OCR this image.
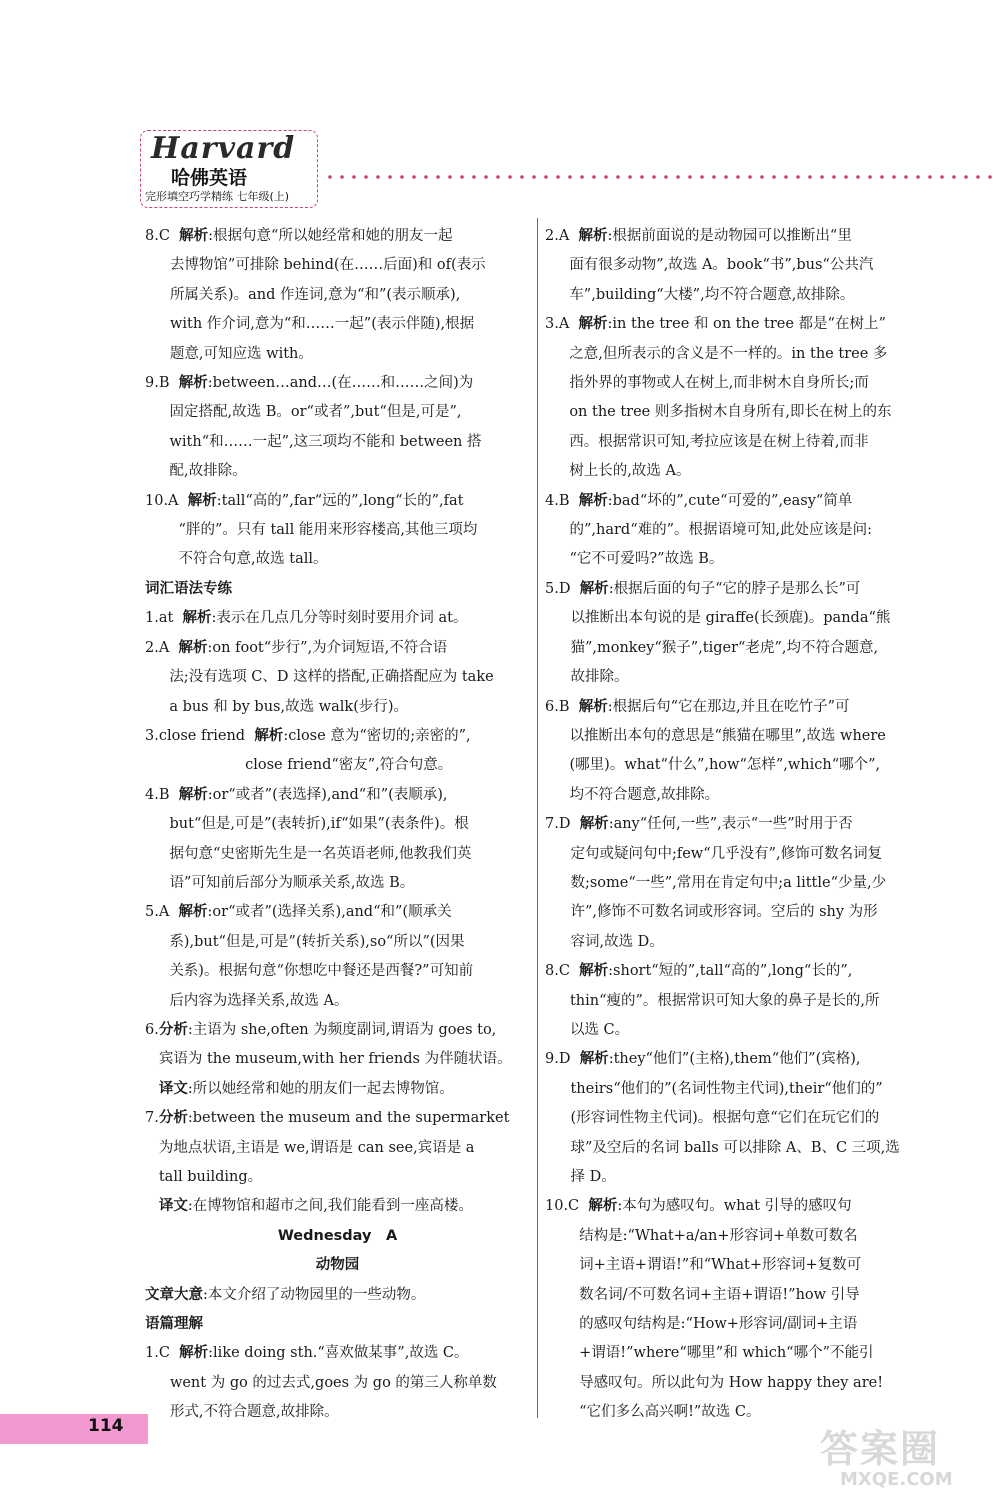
Harvard
哈佛英语
完形填空巧学精练 七年级(上)
8.C 解析:根据句意“所以她经常和她的朋友一起
去博物馆”可排除 behind(在……后面)和 of(表示
所属关系)。and 作连词,意为“和”(表示顺承),
with 作介词,意为“和……一起”(表示伴随),根据
题意,可知应选 with。
9.B 解析:between…and…(在……和……之间)为
固定搭配,故选 B。or“或者”,but“但是,可是”,
with“和……一起”,这三项均不能和 between 搭
配,故排除。
10.A 解析:tall“高的”,far“远的”,long“长的”,fat
“胖的”。只有 tall 能用来形容楼高,其他三项均
不符合句意,故选 tall。
词汇语法专练
1.at 解析:表示在几点几分等时刻时要用介词 at。
2.A 解析:on foot“步行”,为介词短语,不符合语
法;没有选项 C、D 这样的搭配,正确搭配应为 take
a bus 和 by bus,故选 walk(步行)。
3.close friend 解析:close 意为“密切的;亲密的”,
close friend“密友”,符合句意。
4.B 解析:or“或者”(表选择),and“和”(表顺承),
but“但是,可是”(表转折),if“如果”(表条件)。根
据句意“史密斯先生是一名英语老师,他教我们英
语”可知前后部分为顺承关系,故选 B。
5.A 解析:or“或者”(选择关系),and“和”(顺承关
系),but“但是,可是”(转折关系),so“所以”(因果
关系)。根据句意“你想吃中餐还是西餐?”可知前
后内容为选择关系,故选 A。
6. 分析:主语为 she,often 为频度副词,谓语为 goes to,
宾语为 the museum,with her friends 为伴随状语。
译文:所以她经常和她的朋友们一起去博物馆。
7. 分析:between the museum and the supermarket
为地点状语,主语是 we,谓语是 can see,宾语是 a
tall building。
译文:在博物馆和超市之间,我们能看到一座高楼。
Wednesday　A
动物园
文章大意:本文介绍了动物园里的一些动物。
语篇理解
1.C 解析:like doing sth.“喜欢做某事”,故选 C。
went 为 go 的过去式,goes 为 go 的第三人称单数
形式,不符合题意,故排除。
2.A 解析:根据前面说的是动物园可以推断出“里
面有很多动物”,故选 A。book“书”,bus“公共汽
车”,building“大楼”,均不符合题意,故排除。
3.A 解析:in the tree 和 on the tree 都是“在树上”
之意,但所表示的含义是不一样的。in the tree 多
指外界的事物或人在树上,而非树木自身所长;而
on the tree 则多指树木自身所有,即长在树上的东
西。根据常识可知,考拉应该是在树上待着,而非
树上长的,故选 A。
4.B 解析:bad“坏的”,cute“可爱的”,easy“简单
的”,hard“难的”。根据语境可知,此处应该是问:
“它不可爱吗?”故选 B。
5.D 解析:根据后面的句子“它的脖子是那么长”可
以推断出本句说的是 giraffe(长颈鹿)。panda“熊
猫”,monkey“猴子”,tiger“老虎”,均不符合题意,
故排除。
6.B 解析:根据后句“它在那边,并且在吃竹子”可
以推断出本句的意思是“熊猫在哪里”,故选 where
(哪里)。what“什么”,how“怎样”,which“哪个”,
均不符合题意,故排除。
7.D 解析:any“任何,一些”,表示“一些”时用于否
定句或疑问句中;few“几乎没有”,修饰可数名词复
数;some“一些”,常用在肯定句中;a little“少量,少
许”,修饰不可数名词或形容词。空后的 shy 为形
容词,故选 D。
8.C 解析:short“短的”,tall“高的”,long“长的”,
thin“瘦的”。根据常识可知大象的鼻子是长的,所
以选 C。
9.D 解析:they“他们”(主格),them“他们”(宾格),
theirs“他们的”(名词性物主代词),their“他们的”
(形容词性物主代词)。根据句意“它们在玩它们的
球”及空后的名词 balls 可以排除 A、B、C 三项,选
择 D。
10.C 解析:本句为感叹句。what 引导的感叹句
结构是:“What+a/an+形容词+单数可数名
词+主语+谓语!”和“What+形容词+复数可
数名词/不可数名词+主语+谓语!”how 引导
的感叹句结构是:“How+形容词/副词+主语
+谓语!”where“哪里”和 which“哪个”不能引
导感叹句。所以此句为 How happy they are!
“它们多么高兴啊!”故选 C。
114
答案圈
MXQE.COM
